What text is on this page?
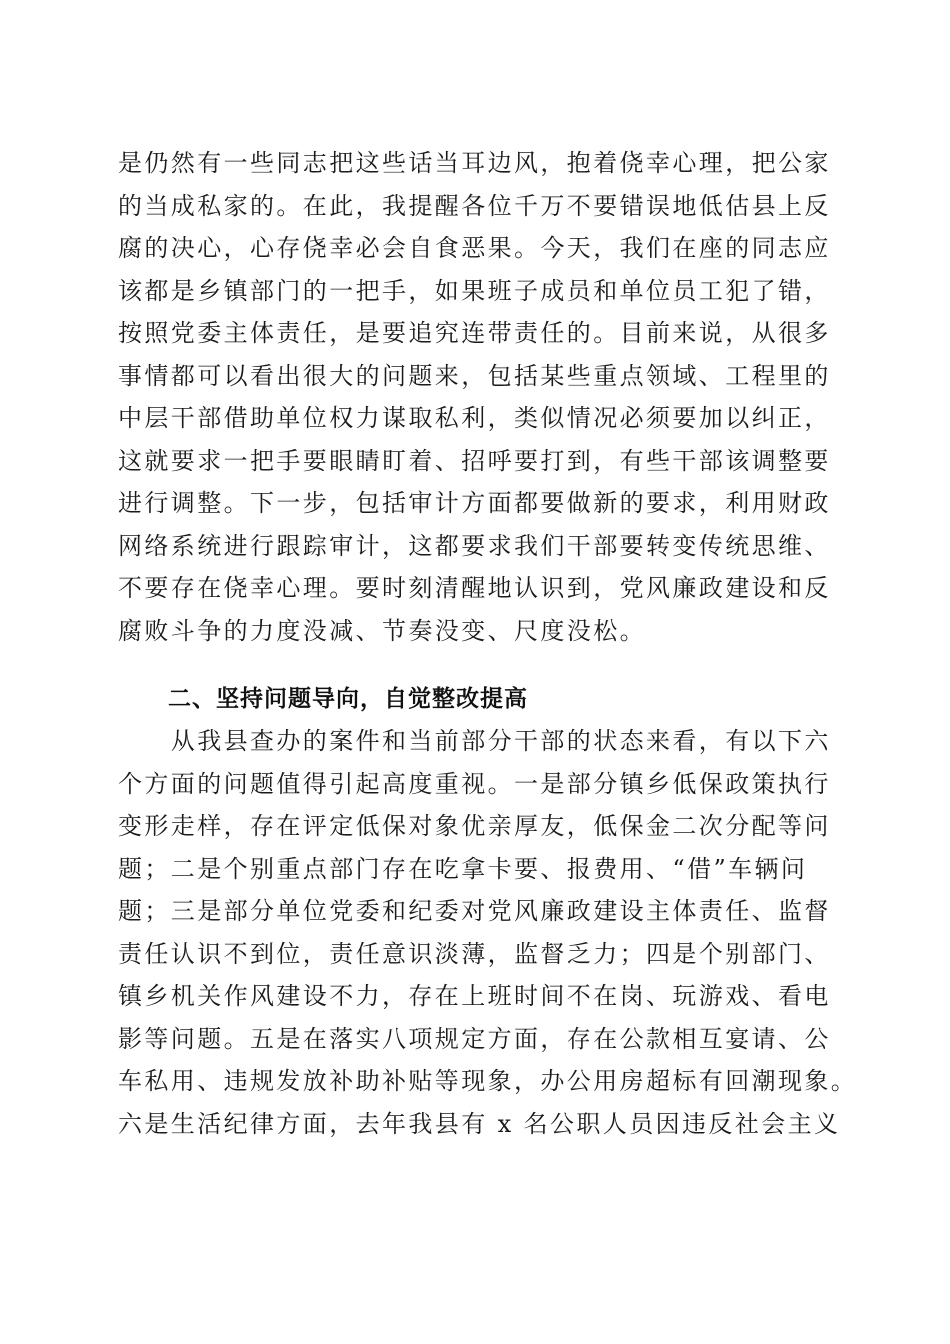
是仍然有一些同志把这些话当耳边风，抱着侥幸心理，把公家
的当成私家的。在此，我提醒各位千万不要错误地低估县上反
腐的决心，心存侥幸必会自食恶果。今天，我们在座的同志应
该都是乡镇部门的一把手，如果班子成员和单位员工犯了错，
按照党委主体责任，是要追究连带责任的。目前来说，从很多
事情都可以看出很大的问题来，包括某些重点领域、工程里的
中层干部借助单位权力谋取私利，类似情况必须要加以纠正，
这就要求一把手要眼睛盯着、招呼要打到，有些干部该调整要
进行调整。下一步，包括审计方面都要做新的要求，利用财政
网络系统进行跟踪审计，这都要求我们干部要转变传统思维、
不要存在侥幸心理。要时刻清醒地认识到，党风廉政建设和反
腐败斗争的力度没减、节奏没变、尺度没松。
二、坚持问题导向，自觉整改提高
　　从我县查办的案件和当前部分干部的状态来看，有以下六
个方面的问题值得引起高度重视。一是部分镇乡低保政策执行
变形走样，存在评定低保对象优亲厚友，低保金二次分配等问
题；二是个别重点部门存在吃拿卡要、报费用、“借”车辆问
题；三是部分单位党委和纪委对党风廉政建设主体责任、监督
责任认识不到位，责任意识淡薄，监督乏力；四是个别部门、
镇乡机关作风建设不力，存在上班时间不在岗、玩游戏、看电
影等问题。五是在落实八项规定方面，存在公款相互宴请、公
车私用、违规发放补助补贴等现象，办公用房超标有回潮现象。
六是生活纪律方面，去年我县有 x 名公职人员因违反社会主义
